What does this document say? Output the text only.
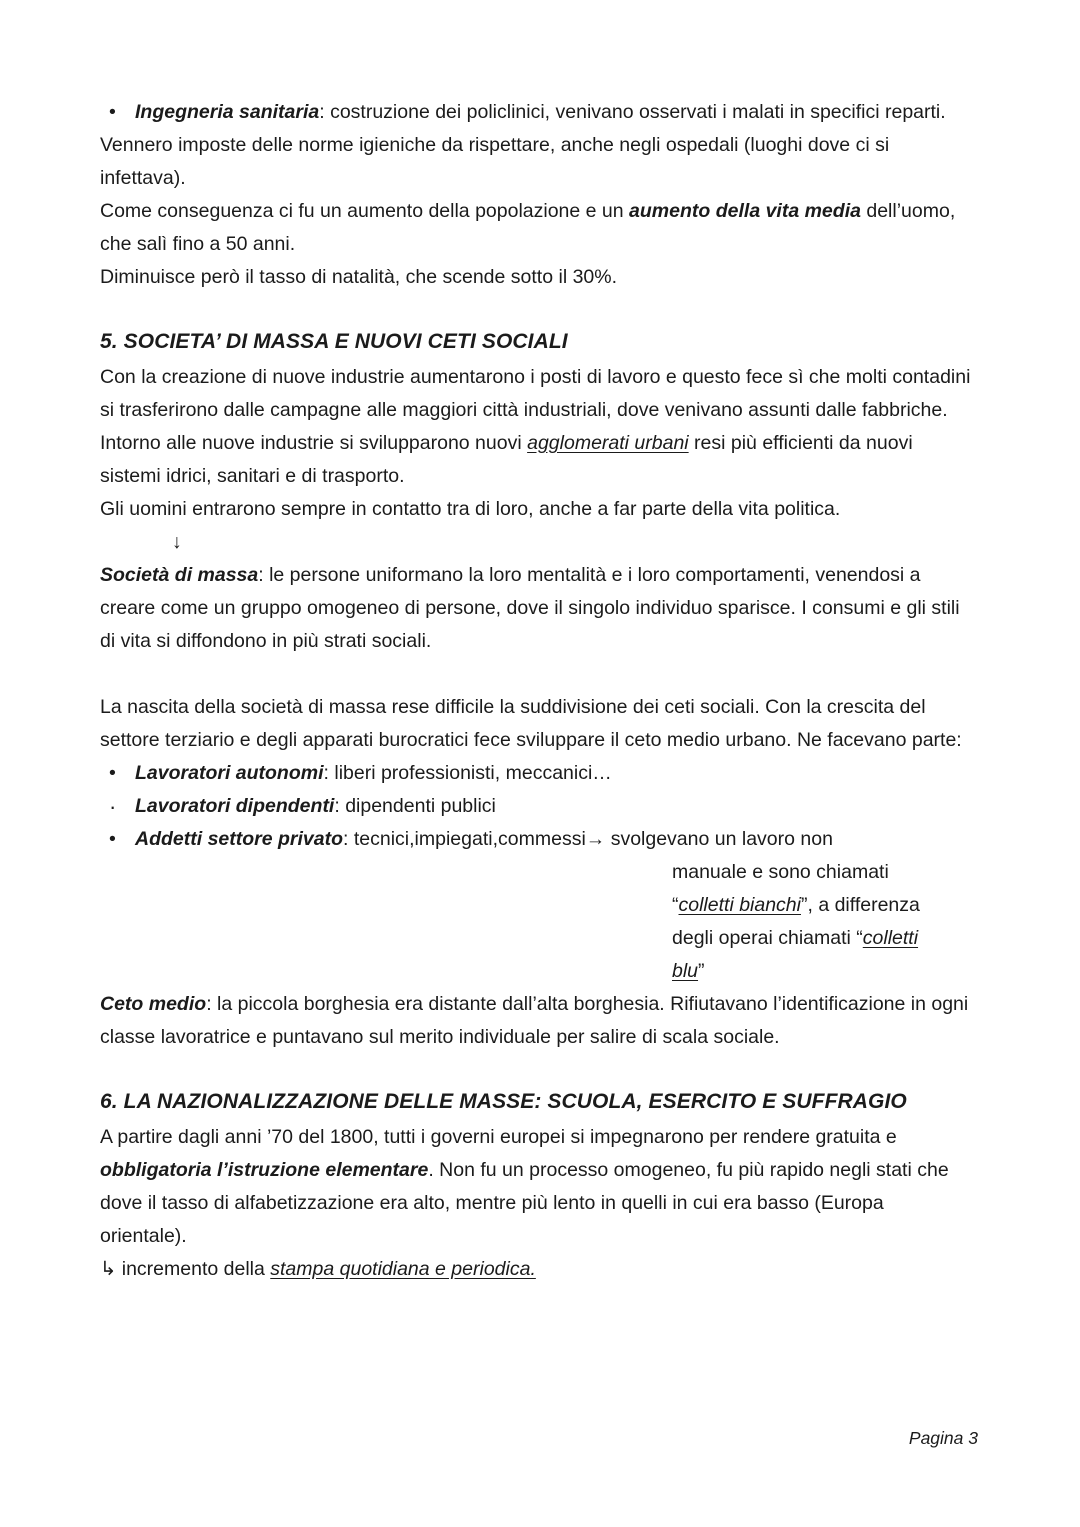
• Ingegneria sanitaria: costruzione dei policlinici, venivano osservati i malati in specifici reparti.

Vennero imposte delle norme igieniche da rispettare, anche negli ospedali (luoghi dove ci si infettava).

Come conseguenza ci fu un aumento della popolazione e un aumento della vita media dell’uomo, che salì fino a 50 anni.

Diminuisce però il tasso di natalità, che scende sotto il 30%.

5. SOCIETA’ DI MASSA E NUOVI CETI SOCIALI

Con la creazione di nuove industrie aumentarono i posti di lavoro e questo fece sì che molti contadini si trasferirono dalle campagne alle maggiori città industriali, dove venivano assunti dalle fabbriche. Intorno alle nuove industrie si svilupparono nuovi agglomerati urbani resi più efficienti da nuovi sistemi idrici, sanitari e di trasporto.

Gli uomini entrarono sempre in contatto tra di loro, anche a far parte della vita politica.

↓

Società di massa: le persone uniformano la loro mentalità e i loro comportamenti, venendosi a creare come un gruppo omogeneo di persone, dove il singolo individuo sparisce. I consumi e gli stili di vita si diffondono in più strati sociali.

La nascita della società di massa rese difficile la suddivisione dei ceti sociali. Con la crescita del settore terziario e degli apparati burocratici fece sviluppare il ceto medio urbano. Ne facevano parte:

• Lavoratori autonomi: liberi professionisti, meccanici…

· Lavoratori dipendenti: dipendenti publici

• Addetti settore privato: tecnici,impiegati,commessi→ svolgevano un lavoro non

manuale e sono chiamati

“colletti bianchi”, a differenza

degli operai chiamati “colletti

blu”

Ceto medio: la piccola borghesia era distante dall’alta borghesia. Rifiutavano l’identificazione in ogni classe lavoratrice e puntavano sul merito individuale per salire di scala sociale.

6. LA NAZIONALIZZAZIONE DELLE MASSE: SCUOLA, ESERCITO E SUFFRAGIO

A partire dagli anni ’70 del 1800, tutti i governi europei si impegnarono per rendere gratuita e obbligatoria l’istruzione elementare. Non fu un processo omogeneo, fu più rapido negli stati che dove il tasso di alfabetizzazione era alto, mentre più lento in quelli in cui era basso (Europa orientale).

↳ incremento della stampa quotidiana e periodica.

Pagina 3
